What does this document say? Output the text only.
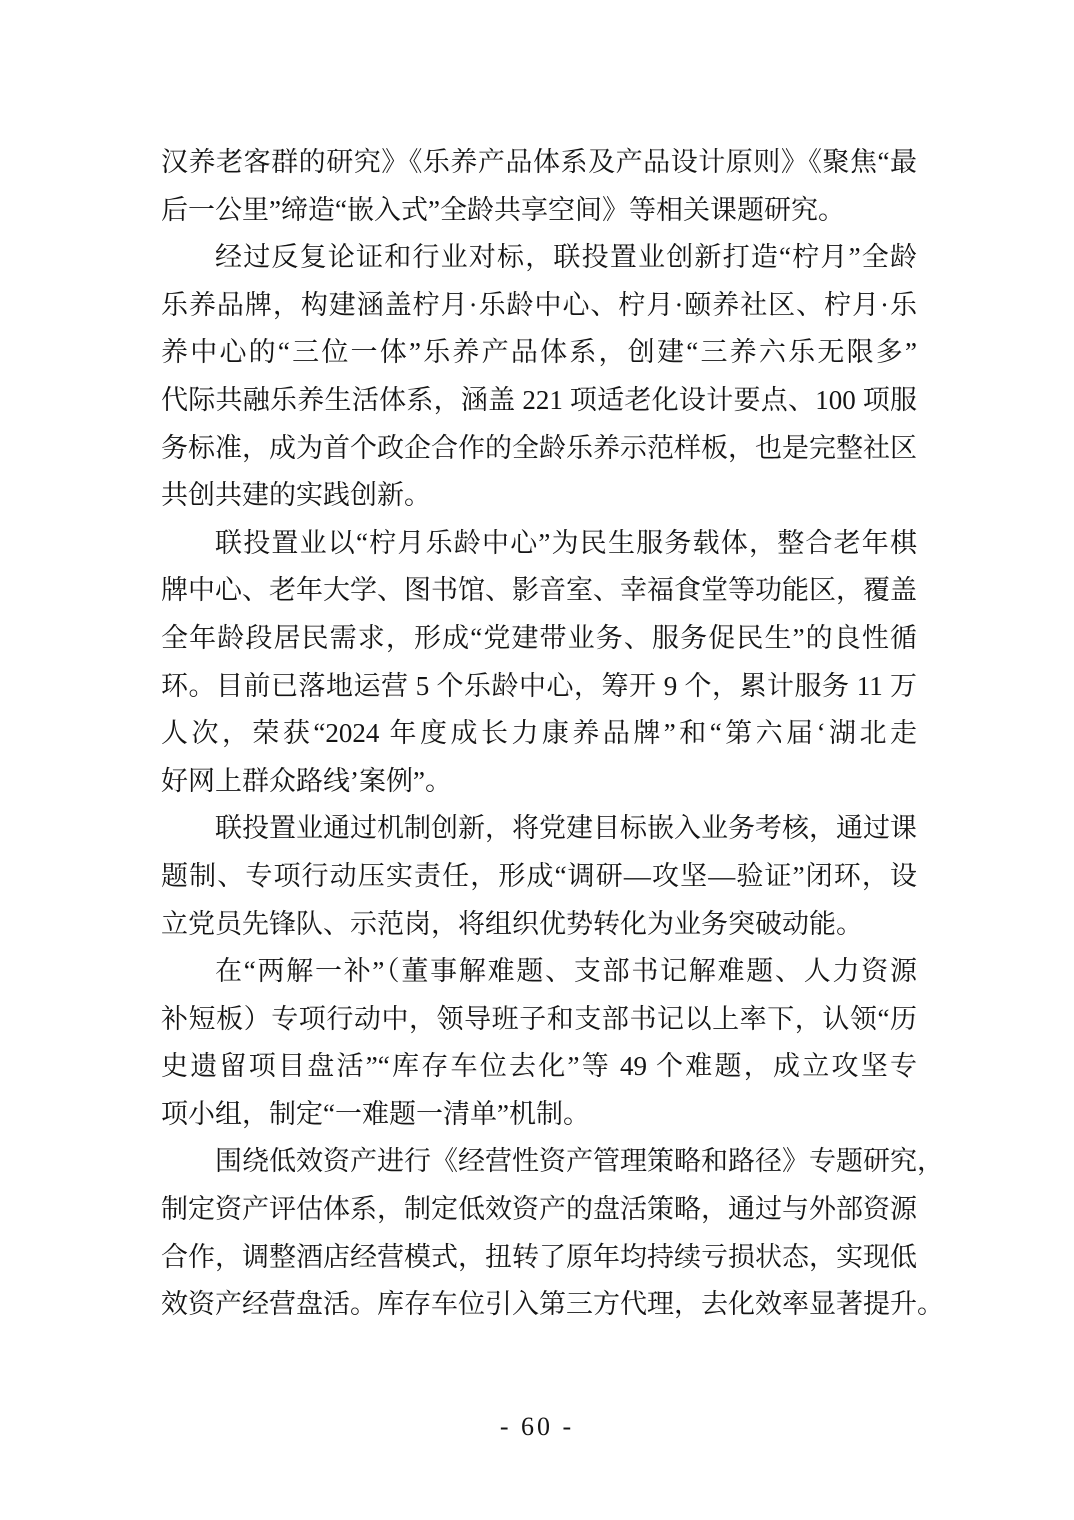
汉养老客群的研究》《乐养产品体系及产品设计原则》《聚焦“最
后一公里”缔造“嵌入式”全龄共享空间》等相关课题研究。
经过反复论证和行业对标，联投置业创新打造“柠月”全龄
乐养品牌，构建涵盖柠月·乐龄中心、柠月·颐养社区、柠月·乐
养中心的“三位一体”乐养产品体系，创建“三养六乐无限多”
代际共融乐养生活体系，涵盖 221 项适老化设计要点、100 项服
务标准，成为首个政企合作的全龄乐养示范样板，也是完整社区
共创共建的实践创新。
联投置业以“柠月乐龄中心”为民生服务载体，整合老年棋
牌中心、老年大学、图书馆、影音室、幸福食堂等功能区，覆盖
全年龄段居民需求，形成“党建带业务、服务促民生”的良性循
环。目前已落地运营 5 个乐龄中心，筹开 9 个，累计服务 11 万
人次，荣获“2024 年度成长力康养品牌”和“第六届‘湖北走
好网上群众路线’案例”。
联投置业通过机制创新，将党建目标嵌入业务考核，通过课
题制、专项行动压实责任，形成“调研—攻坚—验证”闭环，设
立党员先锋队、示范岗，将组织优势转化为业务突破动能。
在“两解一补”（董事解难题、支部书记解难题、人力资源
补短板）专项行动中，领导班子和支部书记以上率下，认领“历
史遗留项目盘活”“库存车位去化”等 49 个难题，成立攻坚专
项小组，制定“一难题一清单”机制。
围绕低效资产进行《经营性资产管理策略和路径》专题研究，
制定资产评估体系，制定低效资产的盘活策略，通过与外部资源
合作，调整酒店经营模式，扭转了原年均持续亏损状态，实现低
效资产经营盘活。库存车位引入第三方代理，去化效率显著提升。
- 60 -
